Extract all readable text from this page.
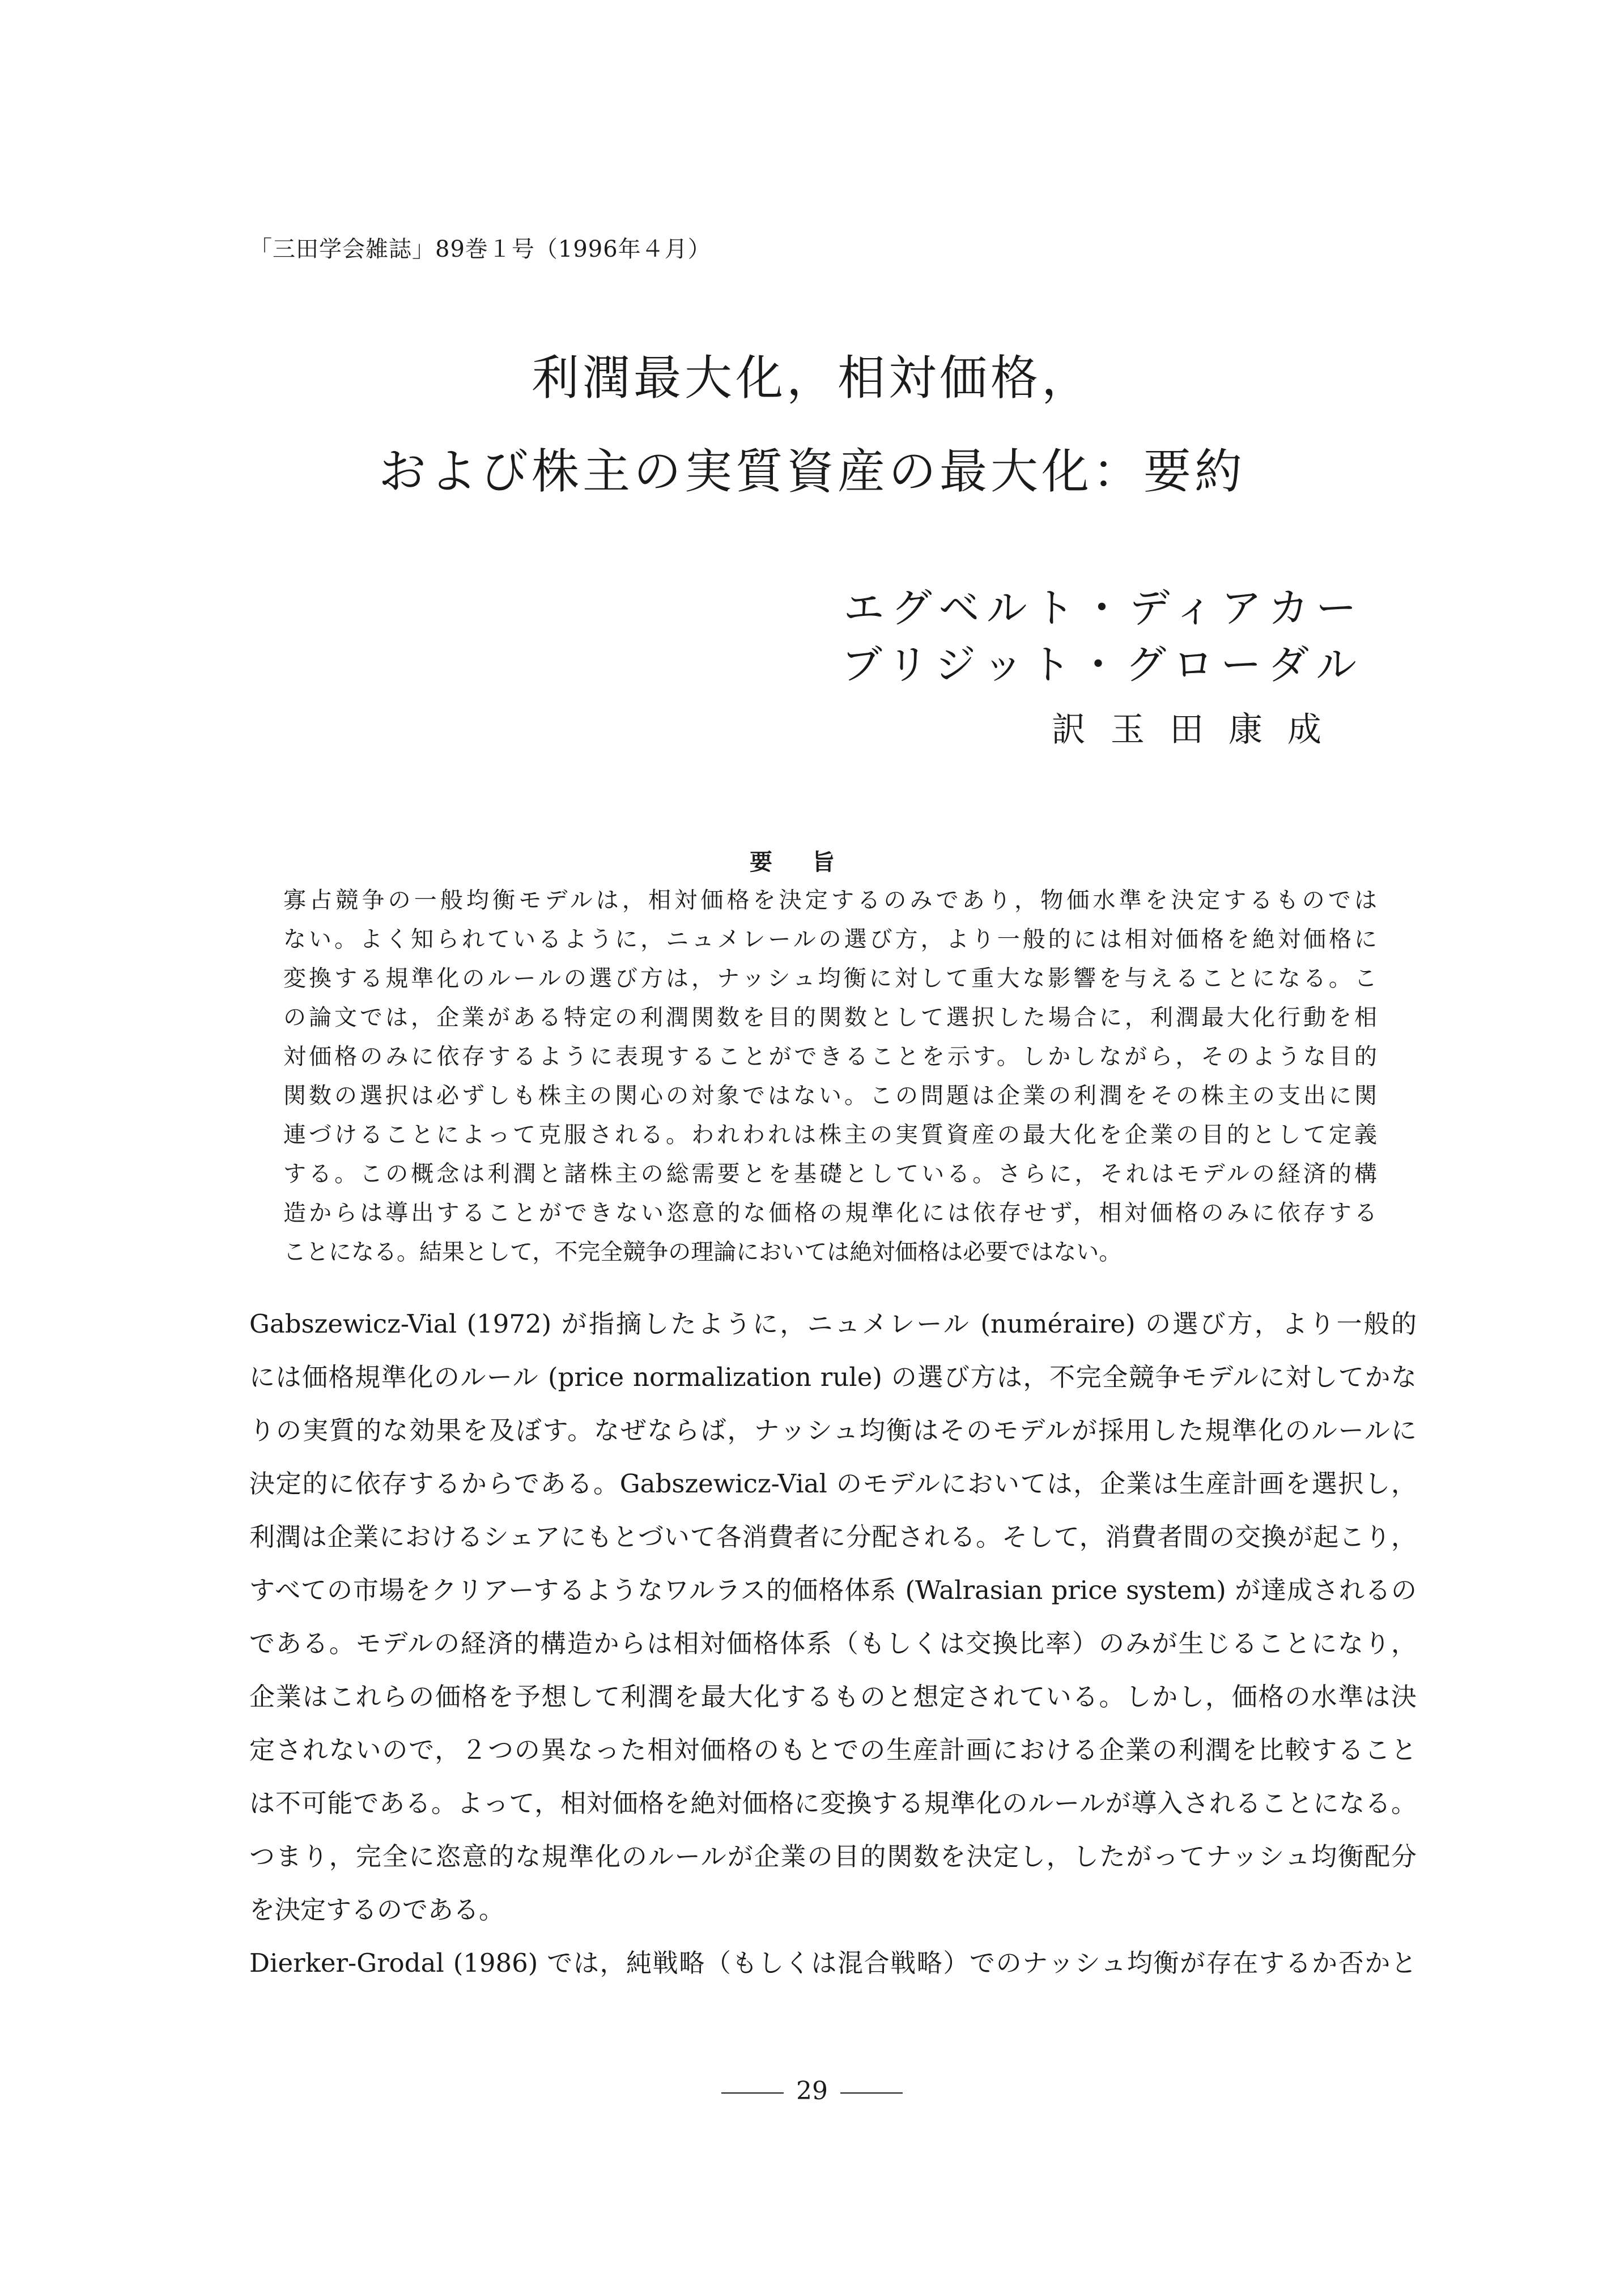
「三田学会雑誌」89巻１号（1996年４月）
利潤最大化，相対価格，
および株主の実質資産の最大化：要約
エグベルト・ディアカー
ブリジット・グローダル
訳玉田康成
要旨
寡占競争の一般均衡モデルは，相対価格を決定するのみであり，物価水準を決定するものでは
ない。よく知られているように，ニュメレールの選び方，より一般的には相対価格を絶対価格に
変換する規準化のルールの選び方は，ナッシュ均衡に対して重大な影響を与えることになる。こ
の論文では，企業がある特定の利潤関数を目的関数として選択した場合に，利潤最大化行動を相
対価格のみに依存するように表現することができることを示す。しかしながら，そのような目的
関数の選択は必ずしも株主の関心の対象ではない。この問題は企業の利潤をその株主の支出に関
連づけることによって克服される。われわれは株主の実質資産の最大化を企業の目的として定義
する。この概念は利潤と諸株主の総需要とを基礎としている。さらに，それはモデルの経済的構
造からは導出することができない恣意的な価格の規準化には依存せず，相対価格のみに依存する
ことになる。結果として，不完全競争の理論においては絶対価格は必要ではない。
Gabszewicz-Vial (1972) が指摘したように，ニュメレール (numéraire) の選び方，より一般的
には価格規準化のルール (price normalization rule) の選び方は，不完全競争モデルに対してかな
りの実質的な効果を及ぼす。なぜならば，ナッシュ均衡はそのモデルが採用した規準化のルールに
決定的に依存するからである。Gabszewicz-Vial のモデルにおいては，企業は生産計画を選択し，
利潤は企業におけるシェアにもとづいて各消費者に分配される。そして，消費者間の交換が起こり，
すべての市場をクリアーするようなワルラス的価格体系 (Walrasian price system) が達成されるの
である。モデルの経済的構造からは相対価格体系（もしくは交換比率）のみが生じることになり，
企業はこれらの価格を予想して利潤を最大化するものと想定されている。しかし，価格の水準は決
定されないので，２つの異なった相対価格のもとでの生産計画における企業の利潤を比較すること
は不可能である。よって，相対価格を絶対価格に変換する規準化のルールが導入されることになる。
つまり，完全に恣意的な規準化のルールが企業の目的関数を決定し，したがってナッシュ均衡配分
を決定するのである。
Dierker-Grodal (1986) では，純戦略（もしくは混合戦略）でのナッシュ均衡が存在するか否かと
29
